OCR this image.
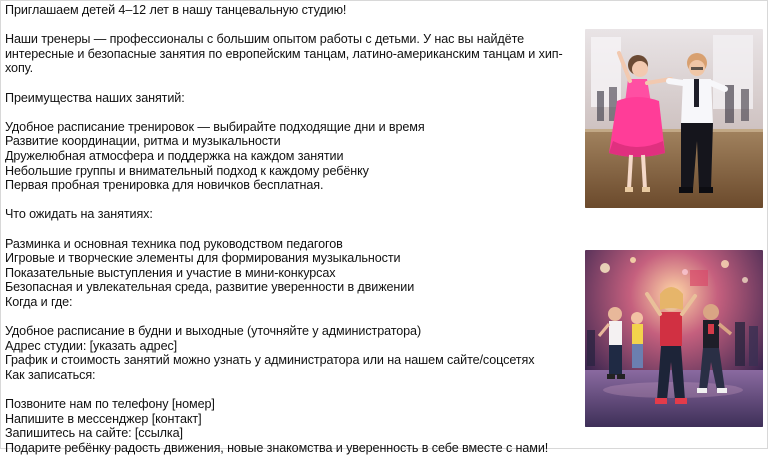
Приглашаем детей 4–12 лет в нашу танцевальную студию!
Наши тренеры — профессионалы с большим опытом работы с детьми. У нас вы найдёте интересные и безопасные занятия по европейским танцам, латино-американским танцам и хип-хопу.
Преимущества наших занятий:
Удобное расписание тренировок — выбирайте подходящие дни и время
Развитие координации, ритма и музыкальности
Дружелюбная атмосфера и поддержка на каждом занятии
Небольшие группы и внимательный подход к каждому ребёнку
Первая пробная тренировка для новичков бесплатная.
Что ожидать на занятиях:
Разминка и основная техника под руководством педагогов
Игровые и творческие элементы для формирования музыкальности
Показательные выступления и участие в мини-конкурсах
Безопасная и увлекательная среда, развитие уверенности в движении
Когда и где:
Удобное расписание в будни и выходные (уточняйте у администратора)
Адрес студии: [указать адрес]
График и стоимость занятий можно узнать у администратора или на нашем сайте/соцсетях
Как записаться:
Позвоните нам по телефону [номер]
Напишите в мессенджер [контакт]
Запишитесь на сайте: [ссылка]
Подарите ребёнку радость движения, новые знакомства и уверенность в себе вместе с нами!
